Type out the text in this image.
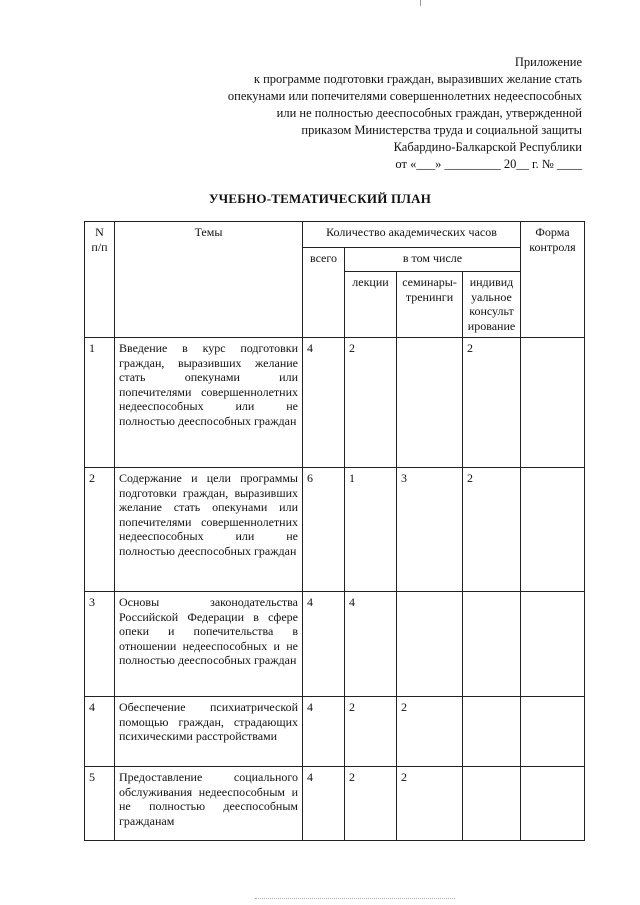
Приложение
к программе подготовки граждан, выразивших желание стать
опекунами или попечителями совершеннолетних недееспособных
или не полностью дееспособных граждан, утвержденной
приказом Министерства труда и социальной защиты
Кабардино-Балкарской Республики
от «___» _________ 20__ г. № ____
УЧЕБНО-ТЕМАТИЧЕСКИЙ ПЛАН
N п/п	Темы	Количество академических часов				Форма контроля
		всего	в том числе			
			лекции	семинары-тренинги	индивидуальное консультирование	
1	Введение в курс подготовки граждан, выразивших желание стать опекунами или попечителями совершеннолетних недееспособных или не полностью дееспособных граждан	4	2		2	
2	Содержание и цели программы подготовки граждан, выразивших желание стать опекунами или попечителями совершеннолетних недееспособных или не полностью дееспособных граждан	6	1	3	2	
3	Основы законодательства Российской Федерации в сфере опеки и попечительства в отношении недееспособных и не полностью дееспособных граждан	4	4			
4	Обеспечение психиатрической помощью граждан, страдающих психическими расстройствами	4	2	2		
5	Предоставление социального обслуживания недееспособным и не полностью дееспособным гражданам	4	2	2		
